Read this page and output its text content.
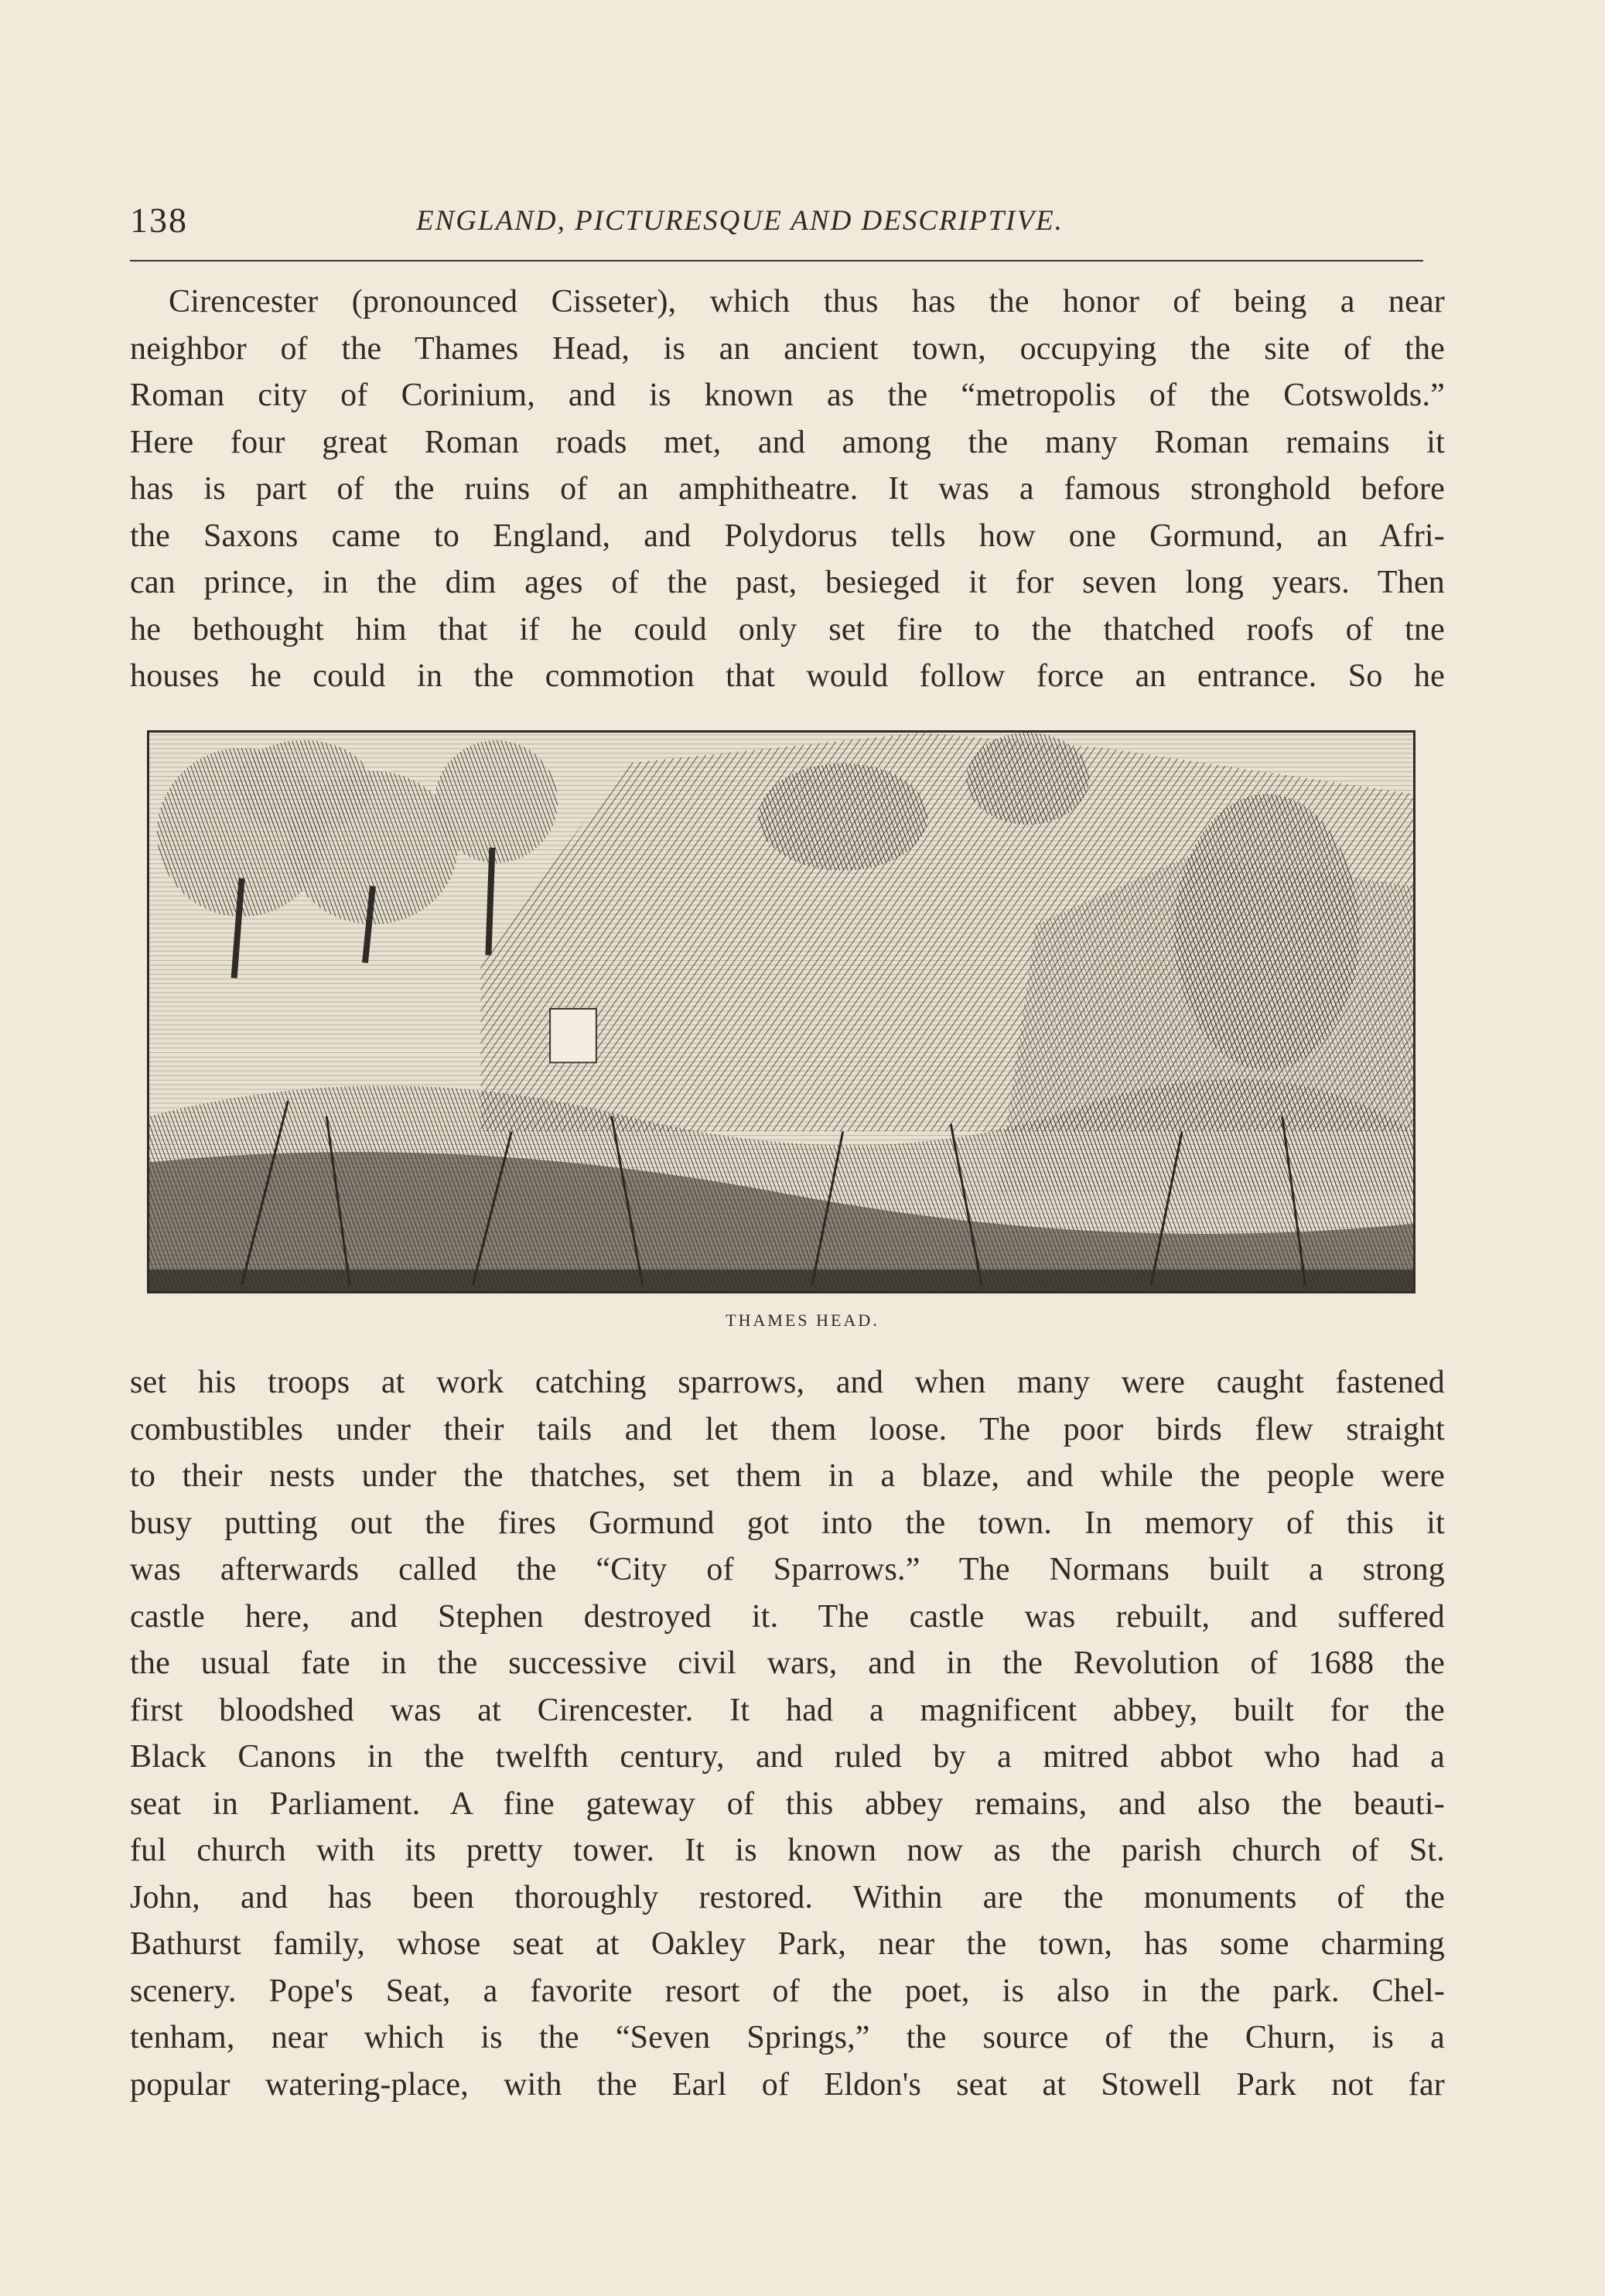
138	ENGLAND, PICTURESQUE AND DESCRIPTIVE.
Cirencester (pronounced Cisseter), which thus has the honor of being a near
neighbor of the Thames Head, is an ancient town, occupying the site of the
Roman city of Corinium, and is known as the “metropolis of the Cotswolds.”
Here four great Roman roads met, and among the many Roman remains it
has is part of the ruins of an amphitheatre. It was a famous stronghold before
the Saxons came to England, and Polydorus tells how one Gormund, an Afri-
can prince, in the dim ages of the past, besieged it for seven long years. Then
he bethought him that if he could only set fire to the thatched roofs of tne
houses he could in the commotion that would follow force an entrance. So he
THAMES HEAD.
set his troops at work catching sparrows, and when many were caught fastened
combustibles under their tails and let them loose. The poor birds flew straight
to their nests under the thatches, set them in a blaze, and while the people were
busy putting out the fires Gormund got into the town. In memory of this it
was afterwards called the “City of Sparrows.” The Normans built a strong
castle here, and Stephen destroyed it. The castle was rebuilt, and suffered
the usual fate in the successive civil wars, and in the Revolution of 1688 the
first bloodshed was at Cirencester. It had a magnificent abbey, built for the
Black Canons in the twelfth century, and ruled by a mitred abbot who had a
seat in Parliament. A fine gateway of this abbey remains, and also the beauti-
ful church with its pretty tower. It is known now as the parish church of St.
John, and has been thoroughly restored. Within are the monuments of the
Bathurst family, whose seat at Oakley Park, near the town, has some charming
scenery. Pope's Seat, a favorite resort of the poet, is also in the park. Chel-
tenham, near which is the “Seven Springs,” the source of the Churn, is a
popular watering-place, with the Earl of Eldon's seat at Stowell Park not far
